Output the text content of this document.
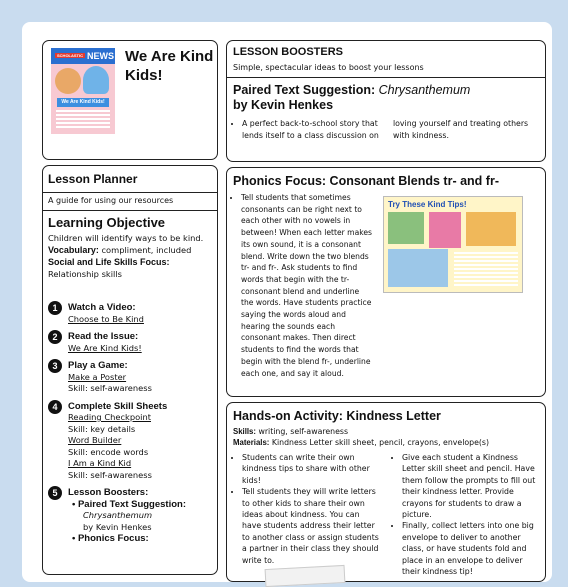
$^{SCHOLASTIC}$ NEWS
We Are Kind Kids!
We Are Kind Kids!
Lesson Planner
A guide for using our resources
Learning Objective

Children will identify ways to be kind.

Vocabulary: compliment, included

Social and Life Skills Focus:

Relationship skills

1	Watch a Video:
Choose to Be Kind
2	Read the Issue:
We Are Kind Kids!
3	Play a Game:
Make a Poster
Skill: self-awareness
4	Complete Skill Sheets
Reading Checkpoint
Skill: key details
Word Builder
Skill: encode words
I Am a Kind Kid
Skill: self-awareness
5	Lesson Boosters:
• Paired Text Suggestion:
Chrysanthemum
by Kevin Henkes
• Phonics Focus:
LESSON BOOSTERS
Simple, spectacular ideas to boost your lessons
Paired Text Suggestion: Chrysanthemum
by Kevin Henkes
• A perfect back-to-school story that lends itself to a class discussion on
loving yourself and treating others with kindness.
Phonics Focus: Consonant Blends tr- and fr-
• Tell students that sometimes consonants can be right next to each other with no vowels in between! When each letter makes its own sound, it is a consonant blend. Write down the two blends tr- and fr-. Ask students to find words that begin with the tr- consonant blend and underline the words. Have students practice saying the words aloud and hearing the sounds each consonant makes. Then direct students to find the words that begin with the blend fr-, underline each one, and say it aloud.
Try These Kind Tips!
Hands-on Activity: Kindness Letter
Skills: writing, self-awareness
Materials: Kindness Letter skill sheet, pencil, crayons, envelope(s)
• Students can write their own kindness tips to share with other kids!
• Tell students they will write letters to other kids to share their own ideas about kindness. You can have students address their letter to another class or assign students a partner in their class they should write to.
• Give each student a Kindness Letter skill sheet and pencil. Have them follow the prompts to fill out their kindness letter. Provide crayons for students to draw a picture.
• Finally, collect letters into one big envelope to deliver to another class, or have students fold and place in an envelope to deliver their kindness tip!
